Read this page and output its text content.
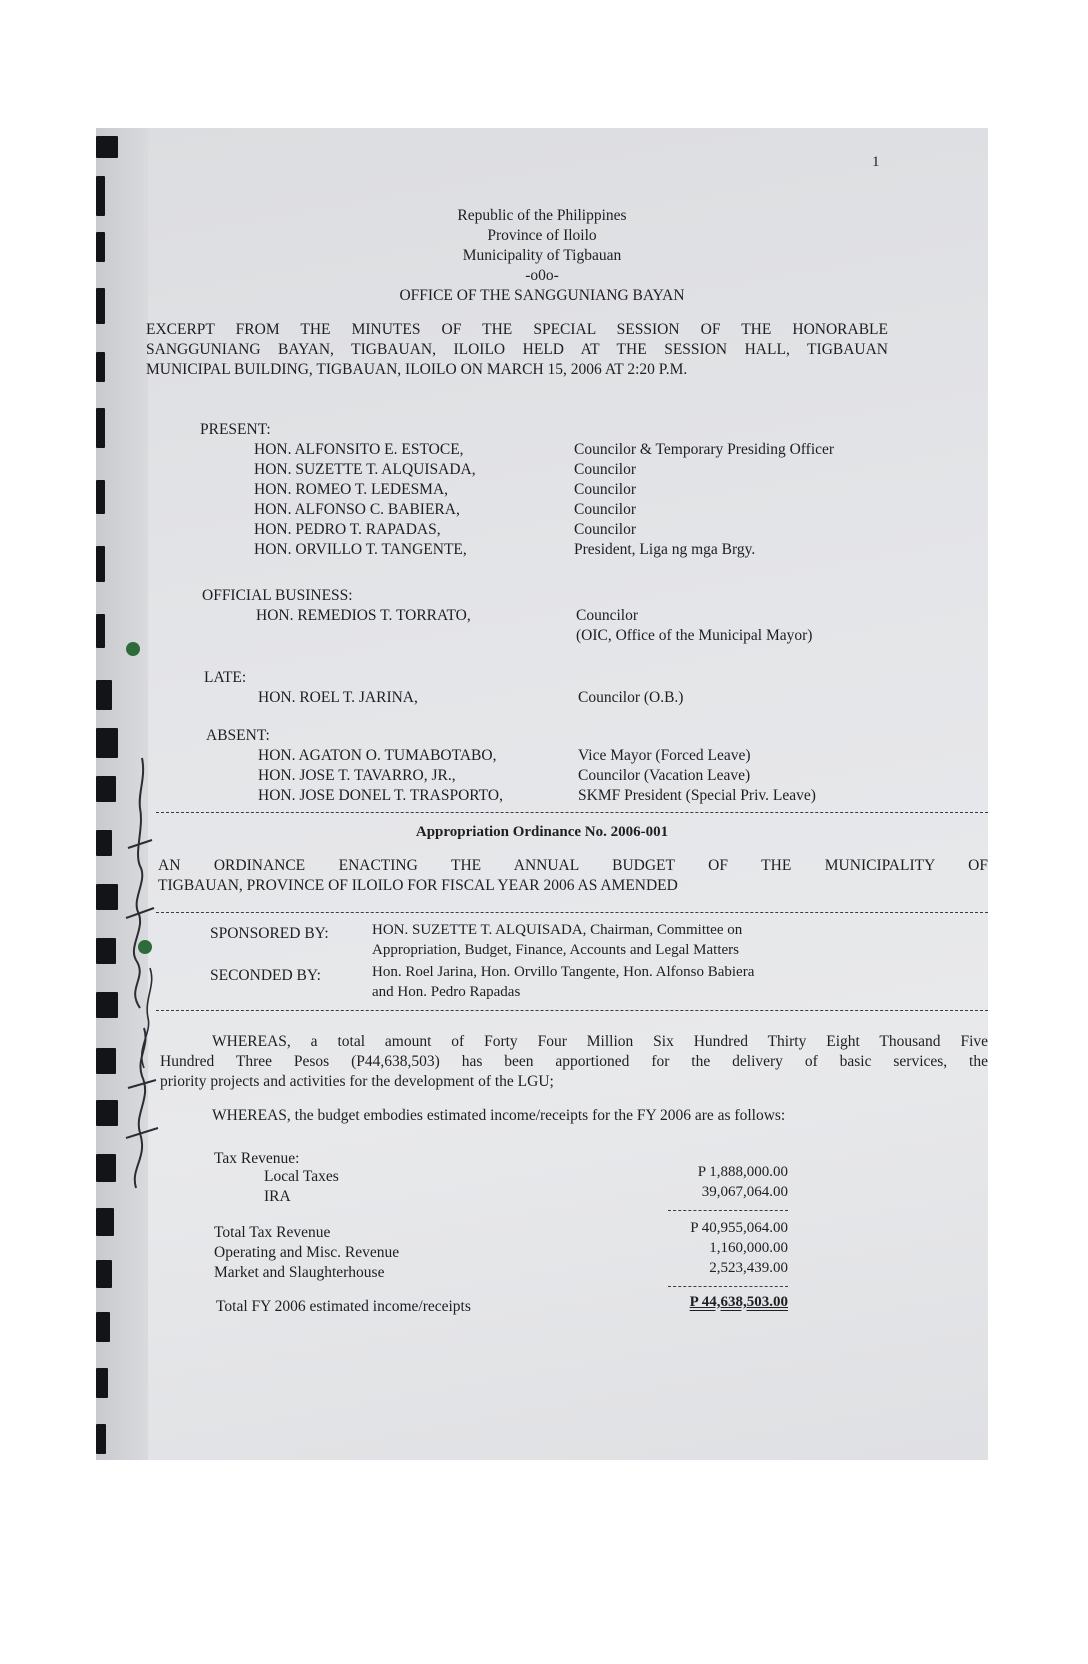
1
Republic of the Philippines
Province of Iloilo
Municipality of Tigbauan
-o0o-
OFFICE OF THE SANGGUNIANG BAYAN
EXCERPT FROM THE MINUTES OF THE SPECIAL SESSION OF THE HONORABLE
SANGGUNIANG BAYAN, TIGBAUAN, ILOILO HELD AT THE SESSION HALL, TIGBAUAN
MUNICIPAL BUILDING, TIGBAUAN, ILOILO ON MARCH 15, 2006 AT 2:20 P.M.
PRESENT:
HON. ALFONSITO E. ESTOCE,	Councilor & Temporary Presiding Officer
HON. SUZETTE T. ALQUISADA,	Councilor
HON. ROMEO T. LEDESMA,	Councilor
HON. ALFONSO C. BABIERA,	Councilor
HON. PEDRO T. RAPADAS,	Councilor
HON. ORVILLO T. TANGENTE,	President, Liga ng mga Brgy.
OFFICIAL BUSINESS:
HON. REMEDIOS T. TORRATO,	Councilor
(OIC, Office of the Municipal Mayor)
LATE:
HON. ROEL T. JARINA,	Councilor (O.B.)
ABSENT:
HON. AGATON O. TUMABOTABO,	Vice Mayor (Forced Leave)
HON. JOSE T. TAVARRO, JR.,	Councilor (Vacation Leave)
HON. JOSE DONEL T. TRASPORTO,	SKMF President (Special Priv. Leave)
Appropriation Ordinance No. 2006-001
AN ORDINANCE ENACTING THE ANNUAL BUDGET OF THE MUNICIPALITY OF
TIGBAUAN, PROVINCE OF ILOILO FOR FISCAL YEAR 2006 AS AMENDED
SPONSORED BY:	HON. SUZETTE T. ALQUISADA, Chairman, Committee on
Appropriation, Budget, Finance, Accounts and Legal Matters
SECONDED BY:	Hon. Roel Jarina, Hon. Orvillo Tangente, Hon. Alfonso Babiera
and Hon. Pedro Rapadas
WHEREAS, a total amount of Forty Four Million Six Hundred Thirty Eight Thousand Five
Hundred Three Pesos (P44,638,503) has been apportioned for the delivery of basic services, the
priority projects and activities for the development of the LGU;
WHEREAS, the budget embodies estimated income/receipts for the FY 2006 are as follows:
Tax Revenue:
Local Taxes	P 1,888,000.00
IRA	39,067,064.00
Total Tax Revenue	P 40,955,064.00
Operating and Misc. Revenue	1,160,000.00
Market and Slaughterhouse	2,523,439.00
Total FY 2006 estimated income/receipts	P 44,638,503.00
